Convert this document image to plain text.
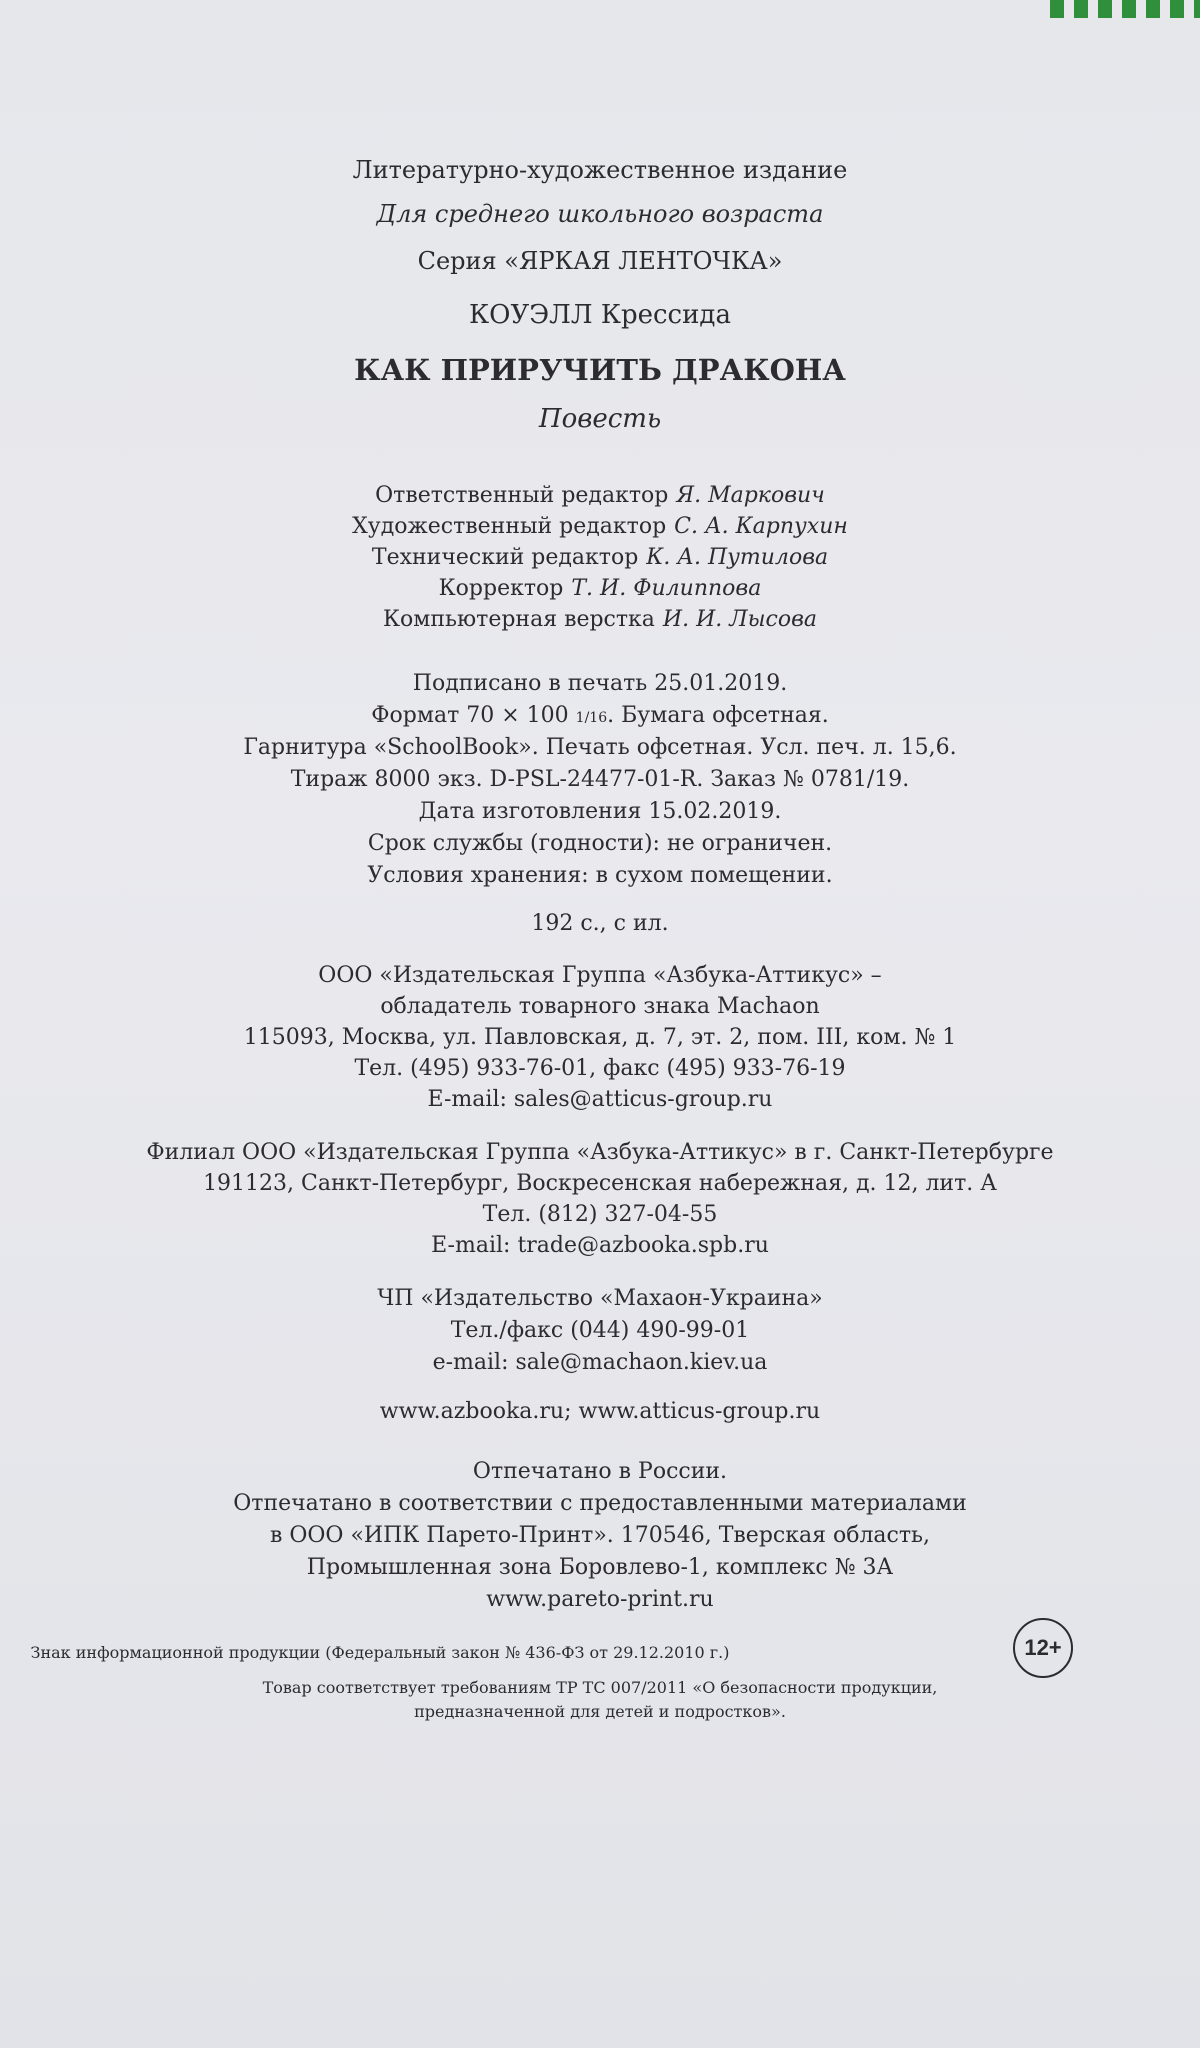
Литературно-художественное издание
Для среднего школьного возраста
Серия «ЯРКАЯ ЛЕНТОЧКА»
КОУЭЛЛ Крессида
КАК ПРИРУЧИТЬ ДРАКОНА
Повесть
Ответственный редактор Я. Маркович
Художественный редактор С. А. Карпухин
Технический редактор К. А. Путилова
Корректор Т. И. Филиппова
Компьютерная верстка И. И. Лысова
Подписано в печать 25.01.2019.
Формат 70 × 100 1/16. Бумага офсетная.
Гарнитура «SchoolBook». Печать офсетная. Усл. печ. л. 15,6.
Тираж 8000 экз. D-PSL-24477-01-R. Заказ № 0781/19.
Дата изготовления 15.02.2019.
Срок службы (годности): не ограничен.
Условия хранения: в сухом помещении.
192 с., с ил.
ООО «Издательская Группа «Азбука-Аттикус» –
обладатель товарного знака Machaon
115093, Москва, ул. Павловская, д. 7, эт. 2, пом. III, ком. № 1
Тел. (495) 933-76-01, факс (495) 933-76-19
E-mail: sales@atticus-group.ru
Филиал ООО «Издательская Группа «Азбука-Аттикус» в г. Санкт-Петербурге
191123, Санкт-Петербург, Воскресенская набережная, д. 12, лит. А
Тел. (812) 327-04-55
E-mail: trade@azbooka.spb.ru
ЧП «Издательство «Махаон-Украина»
Тел./факс (044) 490-99-01
e-mail: sale@machaon.kiev.ua
www.azbooka.ru; www.atticus-group.ru
Отпечатано в России.
Отпечатано в соответствии с предоставленными материалами
в ООО «ИПК Парето-Принт». 170546, Тверская область,
Промышленная зона Боровлево-1, комплекс № 3А
www.pareto-print.ru
Знак информационной продукции (Федеральный закон № 436-ФЗ от 29.12.2010 г.)	12+
Товар соответствует требованиям ТР ТС 007/2011 «О безопасности продукции,
предназначенной для детей и подростков».
